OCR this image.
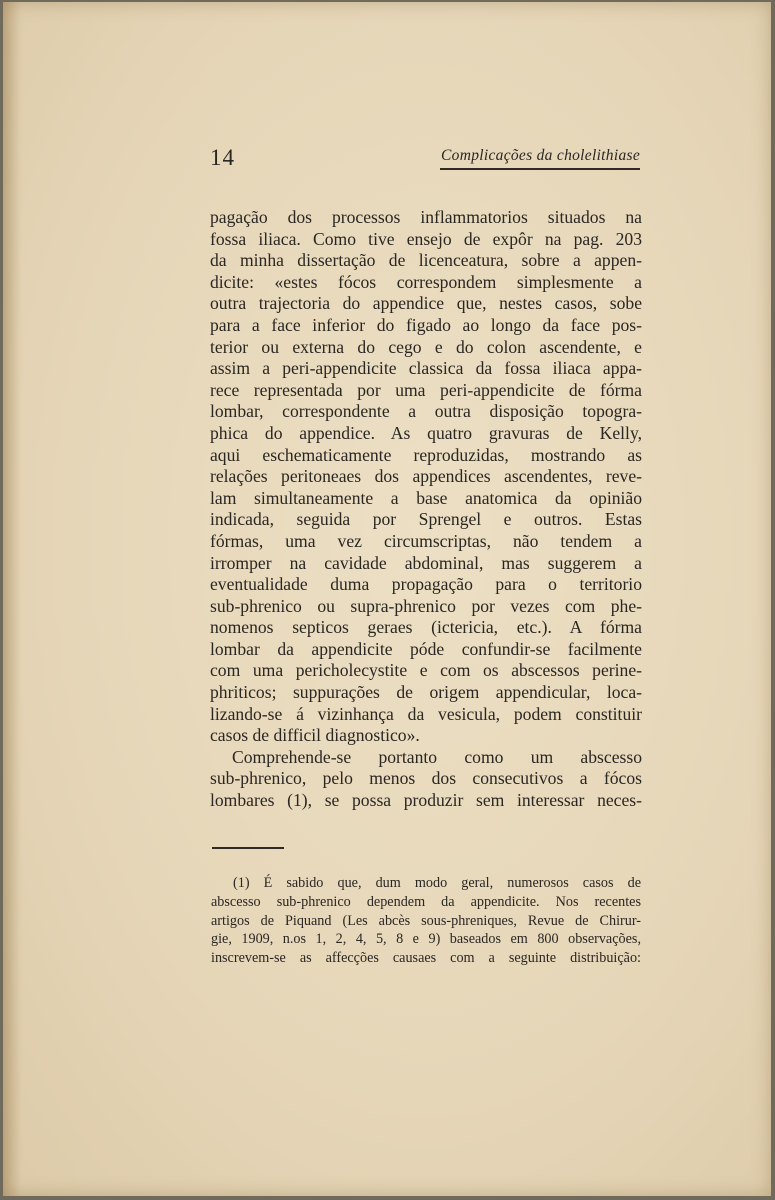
14	Complicações da cholelithiase
pagação dos processos inflammatorios situados na
fossa iliaca. Como tive ensejo de expôr na pag. 203
da minha dissertação de licenceatura, sobre a appen-
dicite: «estes fócos correspondem simplesmente a
outra trajectoria do appendice que, nestes casos, sobe
para a face inferior do figado ao longo da face pos-
terior ou externa do cego e do colon ascendente, e
assim a peri-appendicite classica da fossa iliaca appa-
rece representada por uma peri-appendicite de fórma
lombar, correspondente a outra disposição topogra-
phica do appendice. As quatro gravuras de Kelly,
aqui eschematicamente reproduzidas, mostrando as
relações peritoneaes dos appendices ascendentes, reve-
lam simultaneamente a base anatomica da opinião
indicada, seguida por Sprengel e outros. Estas
fórmas, uma vez circumscriptas, não tendem a
irromper na cavidade abdominal, mas suggerem a
eventualidade duma propagação para o territorio
sub-phrenico ou supra-phrenico por vezes com phe-
nomenos septicos geraes (ictericia, etc.). A fórma
lombar da appendicite póde confundir-se facilmente
com uma pericholecystite e com os abscessos perine-
phriticos; suppurações de origem appendicular, loca-
lizando-se á vizinhança da vesicula, podem constituir
casos de difficil diagnostico».
Comprehende-se portanto como um abscesso
sub-phrenico, pelo menos dos consecutivos a fócos
lombares (1), se possa produzir sem interessar neces-
(1) É sabido que, dum modo geral, numerosos casos de
abscesso sub-phrenico dependem da appendicite. Nos recentes
artigos de Piquand (Les abcès sous-phreniques, Revue de Chirur-
gie, 1909, n.os 1, 2, 4, 5, 8 e 9) baseados em 800 observações,
inscrevem-se as affecções causaes com a seguinte distribuição:
